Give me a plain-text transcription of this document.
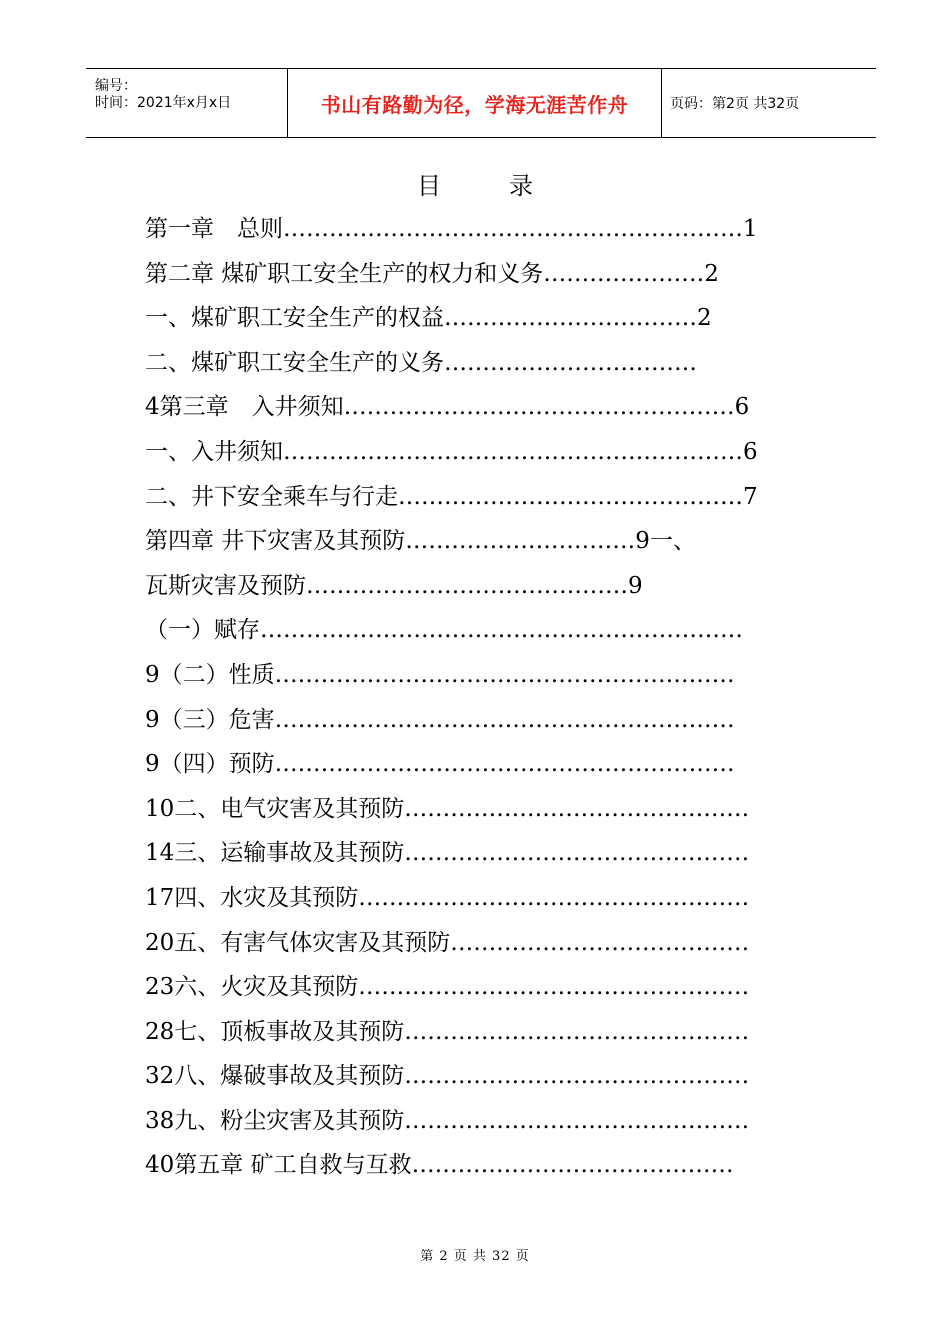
编号：
时间：2021年x月x日	书山有路勤为径，学海无涯苦作舟	页码：第2页 共32页
目录
第一章　总则……………………………………………………1
第二章 煤矿职工安全生产的权力和义务…………………2
一、煤矿职工安全生产的权益……………………………2
二、煤矿职工安全生产的义务……………………………
4第三章　入井须知……………………………………………6
一、入井须知……………………………………………………6
二、井下安全乘车与行走………………………………………7
第四章 井下灾害及其预防…………………………9一、
瓦斯灾害及预防……………………………………9
（一）赋存………………………………………………………
9（二）性质……………………………………………………
9（三）危害……………………………………………………
9（四）预防……………………………………………………
10二、电气灾害及其预防………………………………………
14三、运输事故及其预防………………………………………
17四、水灾及其预防……………………………………………
20五、有害气体灾害及其预防…………………………………
23六、火灾及其预防……………………………………………
28七、顶板事故及其预防………………………………………
32八、爆破事故及其预防………………………………………
38九、粉尘灾害及其预防………………………………………
40第五章 矿工自救与互救……………………………………
第 2 页 共 32 页
